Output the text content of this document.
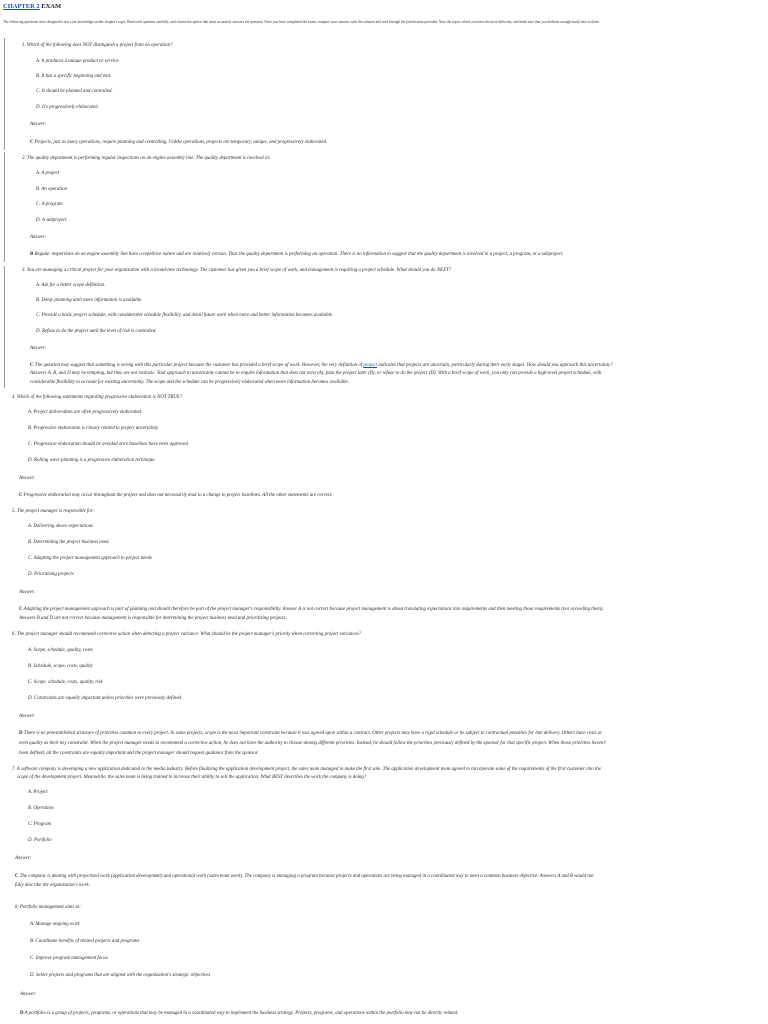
CHAPTER 2 EXAM
The following questions were designed to test your knowledge on this chapter's topic. Read each question carefully, and choose the option that most accurately answers the question. Once you have completed the exam, compare your answers with the solution and read through the justification provided. Note the topics where you have the most difficulty, and make sure that you dedicate enough study time to them.
1. Which of the following does NOT distinguish a project from an operation?
A. It produces a unique product or service.
B. It has a specific beginning and end.
C. It should be planned and controlled.
D. It's progressively elaborated.
Answer:
C Projects, just as many operations, require planning and controlling. Unlike operations, projects are temporary, unique, and progressively elaborated.
2. The quality department is performing regular inspections on an engine assembly line. The quality department is involved in:
A. A project
B. An operation
C. A program
D. A subproject
Answer:
B Regular inspections on an engine assembly line have a repetitive nature and are relatively certain. Thus the quality department is performing an operation. There is no information to suggest that the quality department is involved in a project, a program, or a subproject.
3. You are managing a critical project for your organization with a brand-new technology. The customer has given you a brief scope of work, and management is requiring a project schedule. What should you do NEXT?
A. Ask for a better scope definition.
B. Delay planning until more information is available.
C. Provide a basic project schedule, with considerable schedule flexibility, and detail future work when more and better information becomes available.
D. Refuse to do the project until the level of risk is controlled.
Answer:
C The question may suggest that something is wrong with this particular project because the customer has provided a brief scope of work. However, the very definition of project indicates that projects are uncertain, particularly during their early stages. How should you approach this uncertainty?
Answers A, B, and D may be tempting, but they are not realistic. Your approach to uncertainty cannot be to require information that does not exist (A), plan the project later (B), or refuse to do the project (D). With a brief scope of work, you only can provide a high-level project schedule, with
considerable flexibility to account for existing uncertainty. The scope and the schedule can be progressively elaborated when more information becomes available.
4. Which of the following statements regarding progressive elaboration is NOT TRUE?
A. Project deliverables are often progressively elaborated.
B. Progressive elaboration is closely related to project uncertainty.
C. Progressive elaboration should be avoided once baselines have been approved.
D. Rolling wave planning is a progressive elaboration technique.
Answer:
C Progressive elaboration may occur throughout the project and does not necessarily lead to a change to project baselines. All the other statements are correct.
5. The project manager is responsible for:
A. Delivering above expectations
B. Determining the project business need
C. Adapting the project management approach to project needs
D. Prioritizing projects
Answer:
C Adapting the project management approach is part of planning and should therefore be part of the project manager's responsibility. Answer A is not correct because project management is about translating expectations into requirements and then meeting those requirements (not exceeding them).
Answers B and D are not correct because management is responsible for determining the project business need and prioritizing projects.
6. The project manager should recommend corrective action when detecting a project variance. What should be the project manager's priority when correcting project variances?
A. Scope, schedule, quality, costs
B. Schedule, scope, costs, quality
C. Scope, schedule, costs, quality, risk
D. Constraints are equally important unless priorities were previously defined.
Answer:
D There is no preestablished structure of priorities common to every project. In some projects, scope is the most important constraint because it was agreed upon within a contract. Other projects may have a rigid schedule or be subject to contractual penalties for late delivery. Others have costs or
even quality as their key constraint. When the project manager needs to recommend a corrective action, he does not have the authority to choose among different priorities. Instead, he should follow the priorities previously defined by the sponsor for that specific project. When those priorities haven't
been defined, all the constraints are equally important and the project manager should request guidance from the sponsor.
7. A software company is developing a new application dedicated to the media industry. Before finalizing the application development project, the sales team managed to make the first sale. The application development team agreed to incorporate some of the requirements of the first customer into the
scope of the development project. Meanwhile, the sales team is being trained to increase their ability to sell the application. What BEST describes the work the company is doing?
A. Project
B. Operation
C. Program
D. Portfolio
Answer:
C The company is dealing with projectised work (application development) and operational work (sales team work). The company is managing a program because projects and operations are being managed in a coordinated way to meet a common business objective. Answers A and B would not
fully describe the organization's work.
8. Portfolio management aims to:
A. Manage ongoing work
B. Coordinate benefits of related projects and programs
C. Improve program management focus
D. Select projects and programs that are aligned with the organization's strategic objectives
Answer:
D A portfolio is a group of projects, programs, or operations that may be managed in a coordinated way to implement the business strategy. Projects, programs, and operations within the portfolio may not be directly related.
